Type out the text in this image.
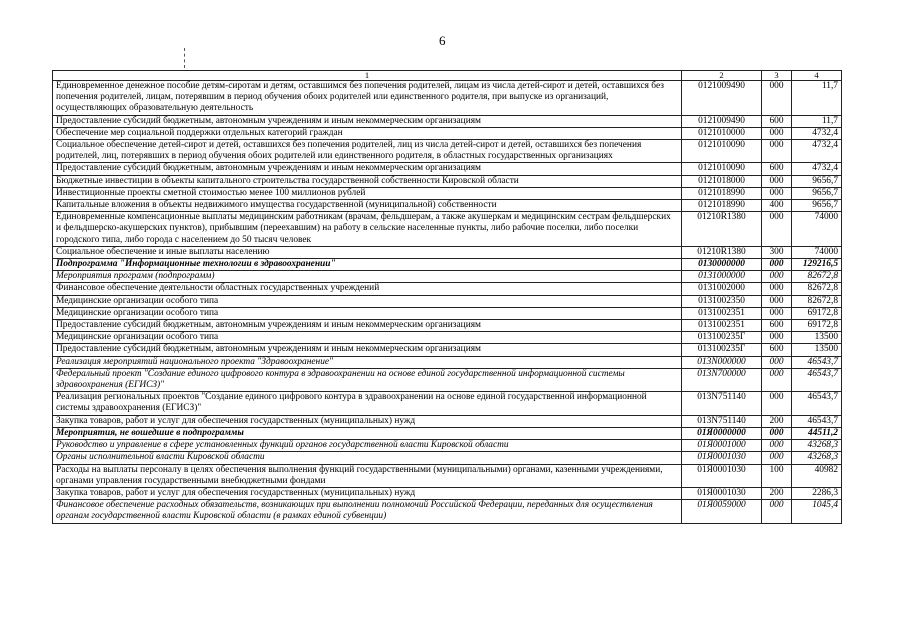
6
1	2	3	4
Единовременное денежное пособие детям-сиротам и детям, оставшимся без попечения родителей, лицам из числа детей-сирот и детей, оставшихся без попечения родителей, лицам, потерявшим в период обучения обоих родителей или единственного родителя, при выпуске из организаций, осуществляющих образовательную деятельность	0121009490	000	11,7
Предоставление субсидий бюджетным, автономным учреждениям и иным некоммерческим организациям	0121009490	600	11,7
Обеспечение мер социальной поддержки отдельных категорий граждан	0121010000	000	4732,4
Социальное обеспечение детей-сирот и детей, оставшихся без попечения родителей, лиц из числа детей-сирот и детей, оставшихся без попечения родителей, лиц, потерявших в период обучения обоих родителей или единственного родителя, в областных государственных организациях	0121010090	000	4732,4
Предоставление субсидий бюджетным, автономным учреждениям и иным некоммерческим организациям	0121010090	600	4732,4
Бюджетные инвестиции в объекты капитального строительства государственной собственности Кировской области	0121018000	000	9656,7
Инвестиционные проекты сметной стоимостью менее 100 миллионов рублей	0121018990	000	9656,7
Капитальные вложения в объекты недвижимого имущества государственной (муниципальной) собственности	0121018990	400	9656,7
Единовременные компенсационные выплаты медицинским работникам (врачам, фельдшерам, а также акушеркам и медицинским сестрам фельдшерских и фельдшерско-акушерских пунктов), прибывшим (переехавшим) на работу в сельские населенные пункты, либо рабочие поселки, либо поселки городского типа, либо города с населением до 50 тысяч человек	01210R1380	000	74000
Социальное обеспечение и иные выплаты населению	01210R1380	300	74000
Подпрограмма "Информационные технологии в здравоохранении"	0130000000	000	129216,5
Мероприятия программ (подпрограмм)	0131000000	000	82672,8
Финансовое обеспечение деятельности областных государственных учреждений	0131002000	000	82672,8
Медицинские организации особого типа	0131002350	000	82672,8
Медицинские организации особого типа	0131002351	000	69172,8
Предоставление субсидий бюджетным, автономным учреждениям и иным некоммерческим организациям	0131002351	600	69172,8
Медицинские организации особого типа	013100235Г	000	13500
Предоставление субсидий бюджетным, автономным учреждениям и иным некоммерческим организациям	013100235Г	600	13500
Реализация мероприятий национального проекта "Здравоохранение"	013N000000	000	46543,7
Федеральный проект "Создание единого цифрового контура в здравоохранении на основе единой государственной информационной системы здравоохранения (ЕГИСЗ)"	013N700000	000	46543,7
Реализация региональных проектов "Создание единого цифрового контура в здравоохранении на основе единой государственной информационной системы здравоохранения (ЕГИСЗ)"	013N751140	000	46543,7
Закупка товаров, работ и услуг для обеспечения государственных (муниципальных) нужд	013N751140	200	46543,7
Мероприятия, не вошедшие в подпрограммы	01Я0000000	000	44511,2
Руководство и управление в сфере установленных функций органов государственной власти Кировской области	01Я0001000	000	43268,3
Органы исполнительной власти Кировской области	01Я0001030	000	43268,3
Расходы на выплаты персоналу в целях обеспечения выполнения функций государственными (муниципальными) органами, казенными учреждениями, органами управления государственными внебюджетными фондами	01Я0001030	100	40982
Закупка товаров, работ и услуг для обеспечения государственных (муниципальных) нужд	01Я0001030	200	2286,3
Финансовое обеспечение расходных обязательств, возникающих при выполнении полномочий Российской Федерации, переданных для осуществления органам государственной власти Кировской области (в рамках единой субвенции)	01Я0059000	000	1045,4
